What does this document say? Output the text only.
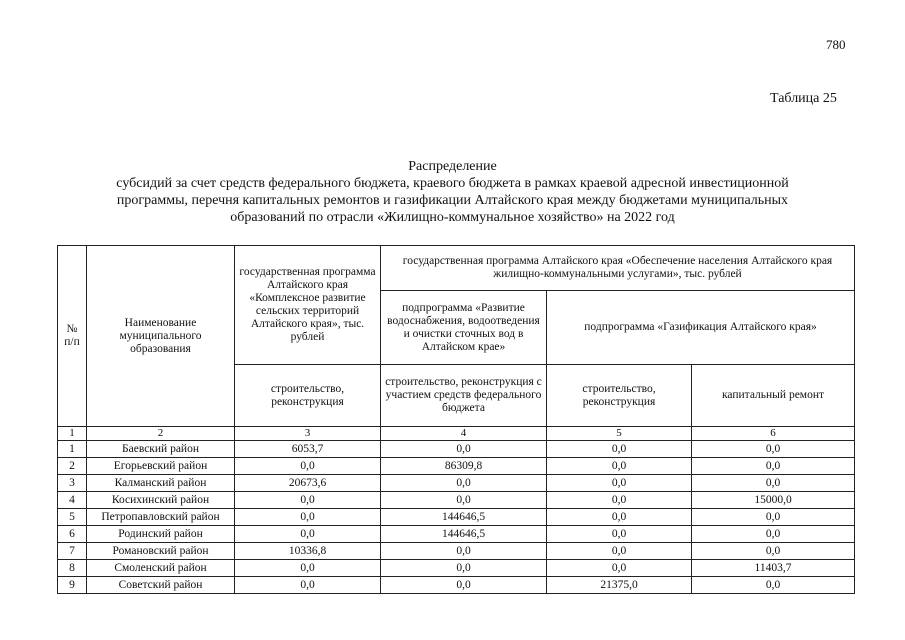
780
Таблица 25
Распределение
субсидий за счет средств федерального бюджета, краевого бюджета в рамках краевой адресной инвестиционной
программы, перечня капитальных ремонтов и газификации Алтайского края между бюджетами муниципальных
образований по отрасли «Жилищно-коммунальное хозяйство» на 2022 год
№ п/п	Наименование муниципального образования	государственная программа Алтайского края «Комплексное развитие сельских территорий Алтайского края», тыс. рублей	государственная программа Алтайского края «Обеспечение населения Алтайского края жилищно-коммунальными услугами», тыс. рублей		
			подпрограмма «Развитие водоснабжения, водоотведения и очистки сточных вод в Алтайском крае»	подпрограмма «Газификация Алтайского края»	
		строительство, реконструкция	строительство, реконструкция с участием средств федерального бюджета	строительство, реконструкция	капитальный ремонт
1	2	3	4	5	6
1	Баевский район	6053,7	0,0	0,0	0,0
2	Егорьевский район	0,0	86309,8	0,0	0,0
3	Калманский район	20673,6	0,0	0,0	0,0
4	Косихинский район	0,0	0,0	0,0	15000,0
5	Петропавловский район	0,0	144646,5	0,0	0,0
6	Родинский район	0,0	144646,5	0,0	0,0
7	Романовский район	10336,8	0,0	0,0	0,0
8	Смоленский район	0,0	0,0	0,0	11403,7
9	Советский район	0,0	0,0	21375,0	0,0
